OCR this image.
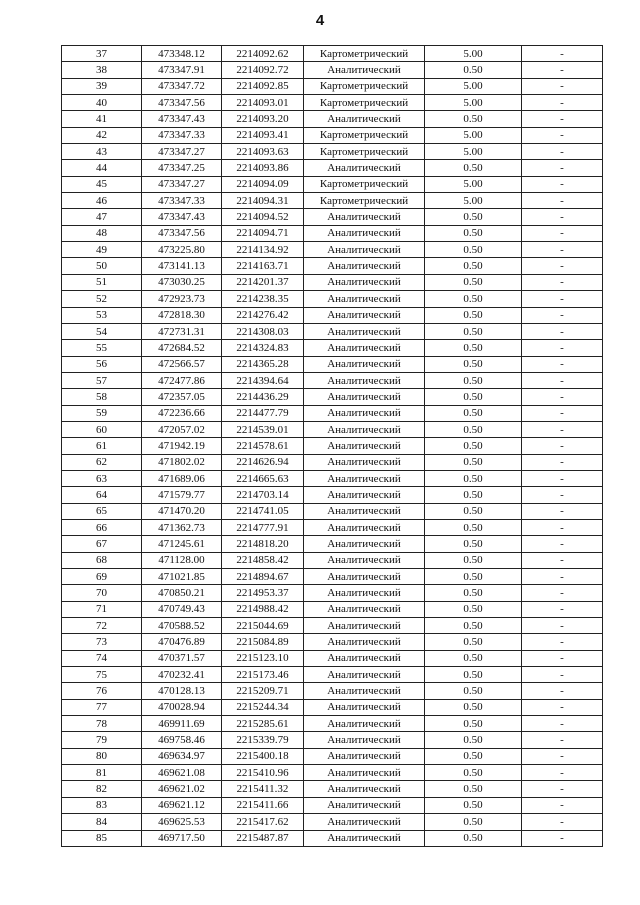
4
37	473348.12	2214092.62	Картометрический	5.00	-
38	473347.91	2214092.72	Аналитический	0.50	-
39	473347.72	2214092.85	Картометрический	5.00	-
40	473347.56	2214093.01	Картометрический	5.00	-
41	473347.43	2214093.20	Аналитический	0.50	-
42	473347.33	2214093.41	Картометрический	5.00	-
43	473347.27	2214093.63	Картометрический	5.00	-
44	473347.25	2214093.86	Аналитический	0.50	-
45	473347.27	2214094.09	Картометрический	5.00	-
46	473347.33	2214094.31	Картометрический	5.00	-
47	473347.43	2214094.52	Аналитический	0.50	-
48	473347.56	2214094.71	Аналитический	0.50	-
49	473225.80	2214134.92	Аналитический	0.50	-
50	473141.13	2214163.71	Аналитический	0.50	-
51	473030.25	2214201.37	Аналитический	0.50	-
52	472923.73	2214238.35	Аналитический	0.50	-
53	472818.30	2214276.42	Аналитический	0.50	-
54	472731.31	2214308.03	Аналитический	0.50	-
55	472684.52	2214324.83	Аналитический	0.50	-
56	472566.57	2214365.28	Аналитический	0.50	-
57	472477.86	2214394.64	Аналитический	0.50	-
58	472357.05	2214436.29	Аналитический	0.50	-
59	472236.66	2214477.79	Аналитический	0.50	-
60	472057.02	2214539.01	Аналитический	0.50	-
61	471942.19	2214578.61	Аналитический	0.50	-
62	471802.02	2214626.94	Аналитический	0.50	-
63	471689.06	2214665.63	Аналитический	0.50	-
64	471579.77	2214703.14	Аналитический	0.50	-
65	471470.20	2214741.05	Аналитический	0.50	-
66	471362.73	2214777.91	Аналитический	0.50	-
67	471245.61	2214818.20	Аналитический	0.50	-
68	471128.00	2214858.42	Аналитический	0.50	-
69	471021.85	2214894.67	Аналитический	0.50	-
70	470850.21	2214953.37	Аналитический	0.50	-
71	470749.43	2214988.42	Аналитический	0.50	-
72	470588.52	2215044.69	Аналитический	0.50	-
73	470476.89	2215084.89	Аналитический	0.50	-
74	470371.57	2215123.10	Аналитический	0.50	-
75	470232.41	2215173.46	Аналитический	0.50	-
76	470128.13	2215209.71	Аналитический	0.50	-
77	470028.94	2215244.34	Аналитический	0.50	-
78	469911.69	2215285.61	Аналитический	0.50	-
79	469758.46	2215339.79	Аналитический	0.50	-
80	469634.97	2215400.18	Аналитический	0.50	-
81	469621.08	2215410.96	Аналитический	0.50	-
82	469621.02	2215411.32	Аналитический	0.50	-
83	469621.12	2215411.66	Аналитический	0.50	-
84	469625.53	2215417.62	Аналитический	0.50	-
85	469717.50	2215487.87	Аналитический	0.50	-
